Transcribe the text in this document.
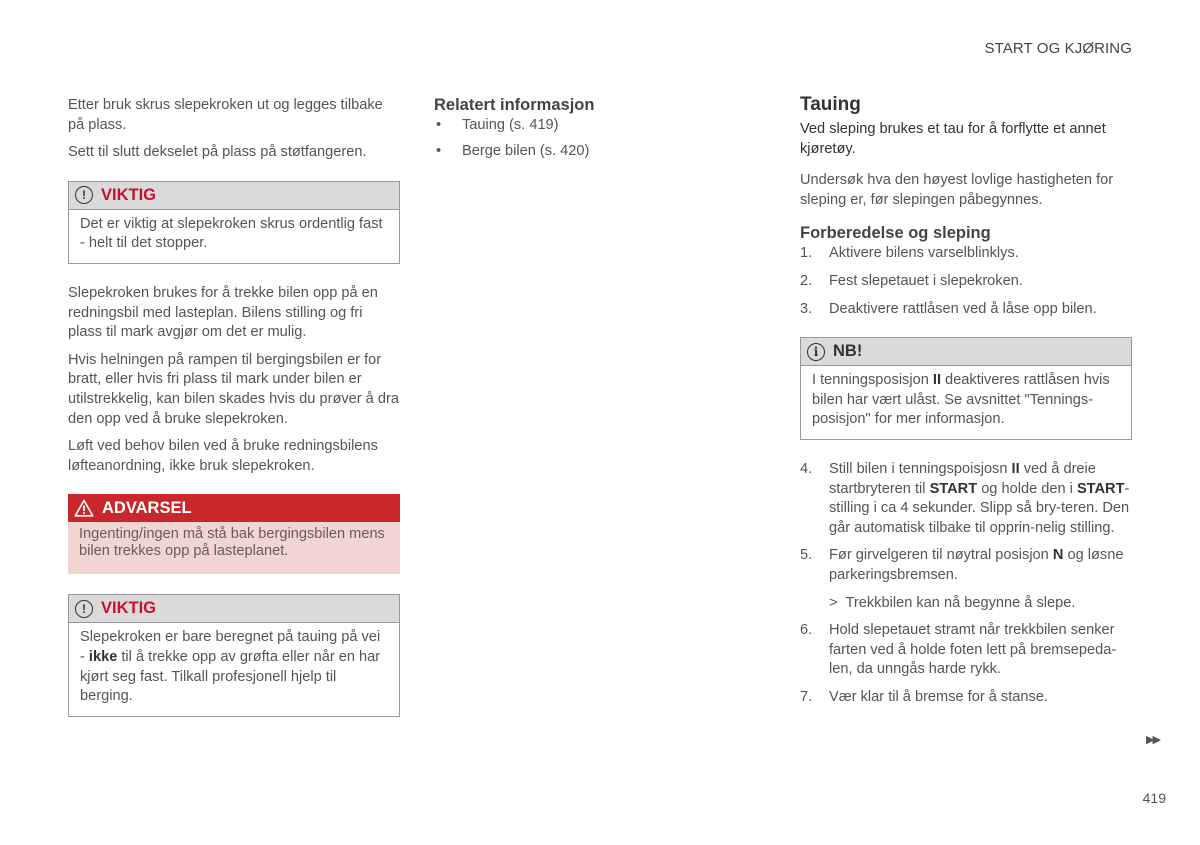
START OG KJØRING

Etter bruk skrus slepekroken ut og legges tilbake på plass.

Sett til slutt dekselet på plass på støtfangeren.

! VIKTIG

Det er viktig at slepekroken skrus ordentlig fast - helt til det stopper.

Slepekroken brukes for å trekke bilen opp på en redningsbil med lasteplan. Bilens stilling og fri plass til mark avgjør om det er mulig.

Hvis helningen på rampen til bergingsbilen er for bratt, eller hvis fri plass til mark under bilen er utilstrekkelig, kan bilen skades hvis du prøver å dra den opp ved å bruke slepekroken.

Løft ved behov bilen ved å bruke redningsbilens løfteanordning, ikke bruk slepekroken.

ADVARSEL

Ingenting/ingen må stå bak bergingsbilen mens bilen trekkes opp på lasteplanet.

! VIKTIG

Slepekroken er bare beregnet på tauing på vei - ikke til å trekke opp av grøfta eller når en har kjørt seg fast. Tilkall profesjonell hjelp til berging.

Relatert informasjon
• Tauing (s. 419)
• Berge bilen (s. 420)
Tauing

Ved sleping brukes et tau for å forflytte et annet kjøretøy.

Undersøk hva den høyest lovlige hastigheten for sleping er, før slepingen påbegynnes.

Forberedelse og sleping
1. Aktivere bilens varselblinklys.
2. Fest slepetauet i slepekroken.
3. Deaktivere rattlåsen ved å låse opp bilen.
i NB!

I tenningsposisjon II deaktiveres rattlåsen hvis bilen har vært ulåst. Se avsnittet "Tennings-posisjon" for mer informasjon.

4. Still bilen i tenningspoisjosn II ved å dreie startbryteren til START og holde den i START-stilling i ca 4 sekunder. Slipp så bry-teren. Den går automatisk tilbake til opprin-nelig stilling.
5. Før girvelgeren til nøytral posisjon N og løsne parkeringsbremsen.
> Trekkbilen kan nå begynne å slepe.
6. Hold slepetauet stramt når trekkbilen senker farten ved å holde foten lett på bremsepeda-len, da unngås harde rykk.
7. Vær klar til å bremse for å stanse.
▶▶
419
